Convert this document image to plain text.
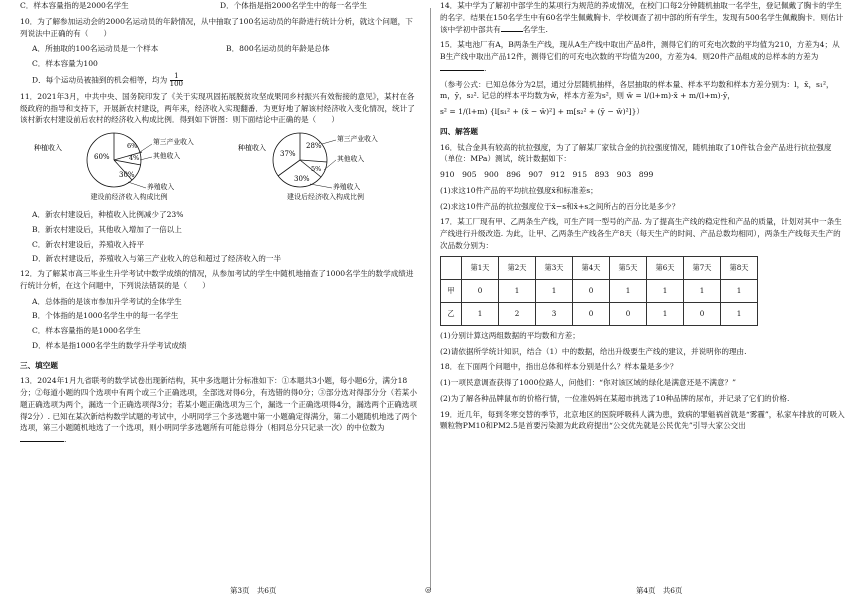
C．样本容量指的是2000名学生	D．个体指是指2000名学生中的每一名学生
10．为了解参加运动会的2000名运动员的年龄情况，从中抽取了100名运动员的年龄进行统计分析，就这个问题，下列说法中正确的有（　　）
A．所抽取的100名运动员是一个样本	B．800名运动员的年龄是总体
C．样本容量为100
D．每个运动员被抽到的机会相等，均为 $\frac{1}{100}$
11．2021年3月，中共中央、国务院印发了《关于实现巩固拓展脱贫攻坚成果同乡村振兴有效衔接的意见》，某村在各级政府的指导和支持下，开展新农村建设，两年来，经济收入实现翻番．为更好地了解该村经济收入变化情况，统计了该村新农村建设前后农村的经济收入构成比例．得到如下饼图：则下面结论中正确的是（　　）
种植收入
60%
6%
4%
30%
第三产业收入
其他收入
养殖收入
建设前经济收入构成比例
种植收入	28%
37%
5%
30%
第三产业收入
其他收入
养殖收入
建设后经济收入构成比例
A．新农村建设后，种植收入比例减少了23%
B．新农村建设后，其他收入增加了一倍以上
C．新农村建设后，养殖收入持平
D．新农村建设后，养殖收入与第三产业收入的总和超过了经济收入的一半
12．为了解某市高三毕业生升学考试中数学成绩的情况，从参加考试的学生中随机地抽查了1000名学生的数学成绩进行统计分析，在这个问题中，下列说法错误的是（　　）
A．总体指的是该市参加升学考试的全体学生
B．个体指的是1000名学生中的每一名学生
C．样本容量指的是1000名学生
D．样本是指1000名学生的数学升学考试成绩
三、填空题
13．2024年1月九省联考的数学试卷出现新结构，其中多选题计分标准如下：①本题共3小题，每小题6分，满分18分；②每道小题的四个选项中有两个或三个正确选项，全部选对得6分，有选错的得0分；③部分选对得部分分（若某小题正确选项为两个，漏选一个正确选项得3分；若某小题正确选项为三个，漏选一个正确选项得4分，漏选两个正确选项得2分）. 已知在某次新结构数学试题的考试中，小明同学三个多选题中第一小题确定得满分，第二小题随机地选了两个选项，第三小题随机地选了一个选项，则小明同学多选题所有可能总得分（相同总分只记录一次）的中位数为.
14．某中学为了解初中部学生的某项行为规范的养成情况，在校门口每2分钟随机抽取一名学生，登记佩戴了胸卡的学生的名字．结果在150名学生中有60名学生佩戴胸卡．学校调查了初中部的所有学生，发现有500名学生佩戴胸卡．则估计该中学初中部共有	名学生.
15．某电池厂有A，B两条生产线，现从A生产线中取出产品8件，测得它们的可充电次数的平均值为210，方差为4；从B生产线中取出产品12件，测得它们的可充电次数的平均值为200，方差为4．则20件产品组成的总样本的方差为.
（参考公式：已知总体分为2层，通过分层随机抽样，各层抽取的样本量、样本平均数和样本方差分别为：l，x̄，s₁²，m，ȳ，s₂². 记总的样本平均数为w̄，样本方差为s²，则 w̄ = l/(l+m)·x̄ + m/(l+m)·ȳ，
s² = 1/(l+m) {l[s₁² + (x̄ − w̄)²] + m[s₂² + (ȳ − w̄)²]}）
四、解答题
16．钛合金具有较高的抗拉强度，为了了解某厂家钛合金的抗拉强度情况，随机抽取了10件钛合金产品进行抗拉强度（单位：MPa）测试，统计数据如下：
910　905　900　896　907　912　915　893　903　899
(1)求这10件产品的平均抗拉强度x̄和标准差s；
(2)求这10件产品的抗拉强度位于x̄−s和x̄+s之间所占的百分比是多少？
17．某工厂现有甲、乙两条生产线，可生产同一型号的产品. 为了提高生产线的稳定性和产品的质量，计划对其中一条生产线进行升级改造. 为此，让甲、乙两条生产线各生产8天（每天生产的时间、产品总数均相同），两条生产线每天生产的次品数分别为：
	第1天	第2天	第3天	第4天	第5天	第6天	第7天	第8天
甲	0	1	1	0	1	1	1	1
乙	1	2	3	0	0	1	0	1
(1)分别计算这两组数据的平均数和方差；
(2)请依据所学统计知识，结合（1）中的数据，给出升级要生产线的建议，并说明你的理由.
18．在下面两个问题中，指出总体和样本分别是什么？样本量是多少？
(1)一项民意调查获得了1000位路人，问他们：“你对该区域的绿化是满意还是不满意？”
(2)为了解各种品牌鼠布的价格行情，一位准妈妈在某超市挑选了10种品牌的尿布，并记录了它们的价格.
19．近几年，每到冬寒交替的季节，北京地区的医院呼吸科人满为患，致病的罪魁祸首就是“雾霾”，私家车排放的可吸入颗粒物PM10和PM2.5是首要污染源为此政府提出“公交优先就是公民优先”引导大家公交出
第3页　共6页	◎	第4页　共6页
